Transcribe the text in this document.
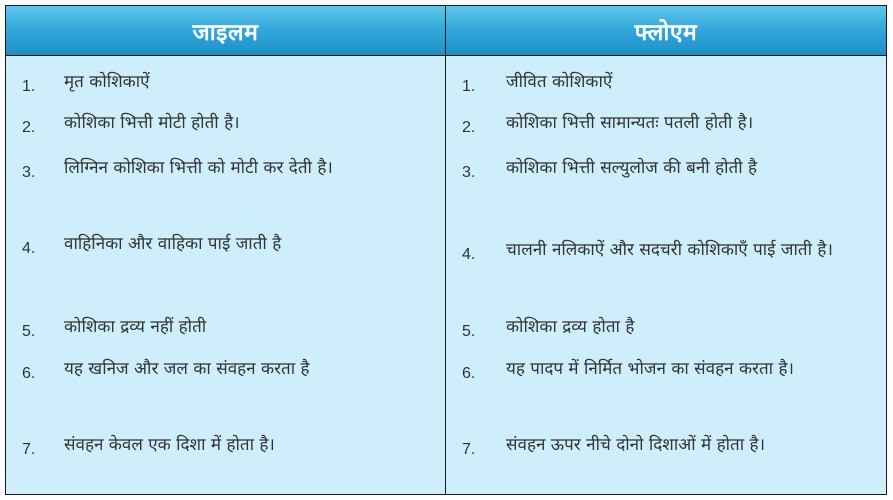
जाइलम
1. मृत कोशिकाऐं
2. कोशिका भित्ती मोटी होती है।
3. लिग्निन कोशिका भित्ती को मोटी कर देती है।
4. वाहिनिका और वाहिका पाई जाती है
5. कोशिका द्रव्य नहीं होती
6. यह खनिज और जल का संवहन करता है
7. संवहन केवल एक दिशा में होता है।
फ्लोएम
1. जीवित कोशिकाऐं
2. कोशिका भित्ती सामान्यतः पतली होती है।
3. कोशिका भित्ती सल्युलोज की बनी होती है
4. चालनी नलिकाऐं और सदचरी कोशिकाएँ पाई जाती है।
5. कोशिका द्रव्य होता है
6. यह पादप में निर्मित भोजन का संवहन करता है।
7. संवहन ऊपर नीचे दोनो दिशाओं में होता है।
